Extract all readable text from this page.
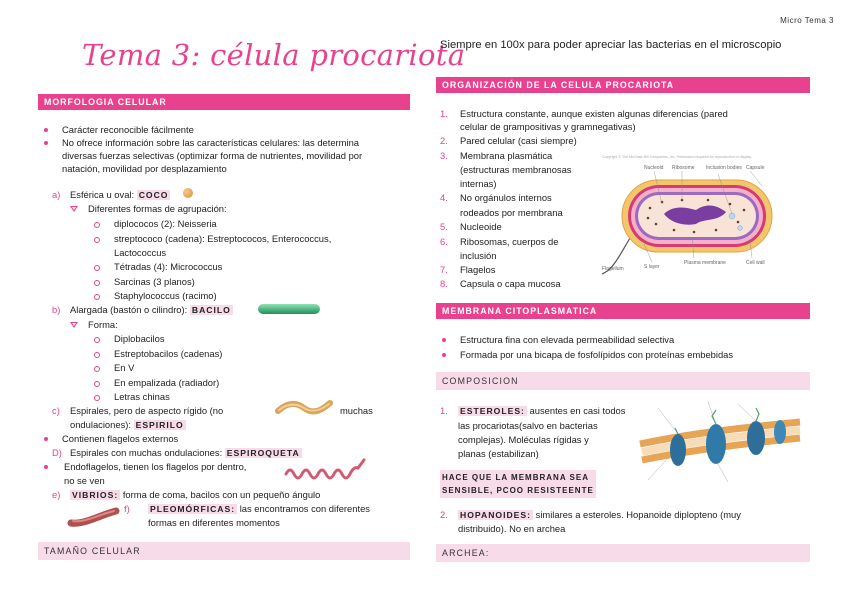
Micro Tema 3
Tema 3: célula procariota
MORFOLOGIA CELULAR
Carácter reconocible fácilmente
No ofrece información sobre las características celulares: las determina diversas fuerzas selectivas (optimizar forma de nutrientes, movilidad por natación, movilidad por desplazamiento
a) Esférica u oval: COCO
Diferentes formas de agrupación:
diplococos (2): Neisseria
streptococo (cadena): Estreptococos, Enterococcus,
Lactococcus
Tétradas (4): Micrococcus
Sarcinas (3 planos)
Staphylococcus (racimo)
b) Alargada (bastón o cilindro): BACILO
Forma:
Diplobacilos
Estreptobacilos (cadenas)
En V
En empalizada (radiador)
Letras chinas
c) Espirales, pero de aspecto rígido (no	muchas
ondulaciones): ESPIRILO
Contienen flagelos externos
D) Espirales con muchas ondulaciones: ESPIROQUETA
Endoflagelos, tienen los flagelos por dentro,
no se ven
e) VIBRIOS: forma de coma, bacilos con un pequeño ángulo
f) PLEOMÓRFICAS: las encontramos con diferentes
formas en diferentes momentos
TAMAÑO CELULAR
Siempre en 100x para poder apreciar las bacterias en el microscopio
ORGANIZACIÓN DE LA CELULA PROCARIOTA
1. Estructura constante, aunque existen algunas diferencias (pared
celular de grampositivas y gramnegativas)
2. Pared celular (casi siempre)
3. Membrana plasmática
(estructuras membranosas
internas)
4. No orgánulos internos
rodeados por membrana
5. Nucleoide
6. Ribosomas, cuerpos de
inclusión
7. Flagelos
8. Capsula o capa mucosa
Copyright © The McGraw-Hill Companies, Inc. Permission required for reproduction or display.
Nucleoid Ribosome Inclusion bodies Capsule
Flagellum	S layer
Plasma membrane	Cell wall
MEMBRANA CITOPLASMATICA
Estructura fina con elevada permeabilidad selectiva
Formada por una bicapa de fosfolípidos con proteínas embebidas
COMPOSICION
1. ESTEROLES: ausentes en casi todos
las procariotas(salvo en bacterias
complejas). Moléculas rígidas y
planas (estabilizan)
HACE QUE LA MEMBRANA SEA
SENSIBLE, PCOO RESISTEENTE
2. HOPANOIDES: similares a esteroles. Hopanoide diplopteno (muy
distribuido). No en archea
ARCHEA:
